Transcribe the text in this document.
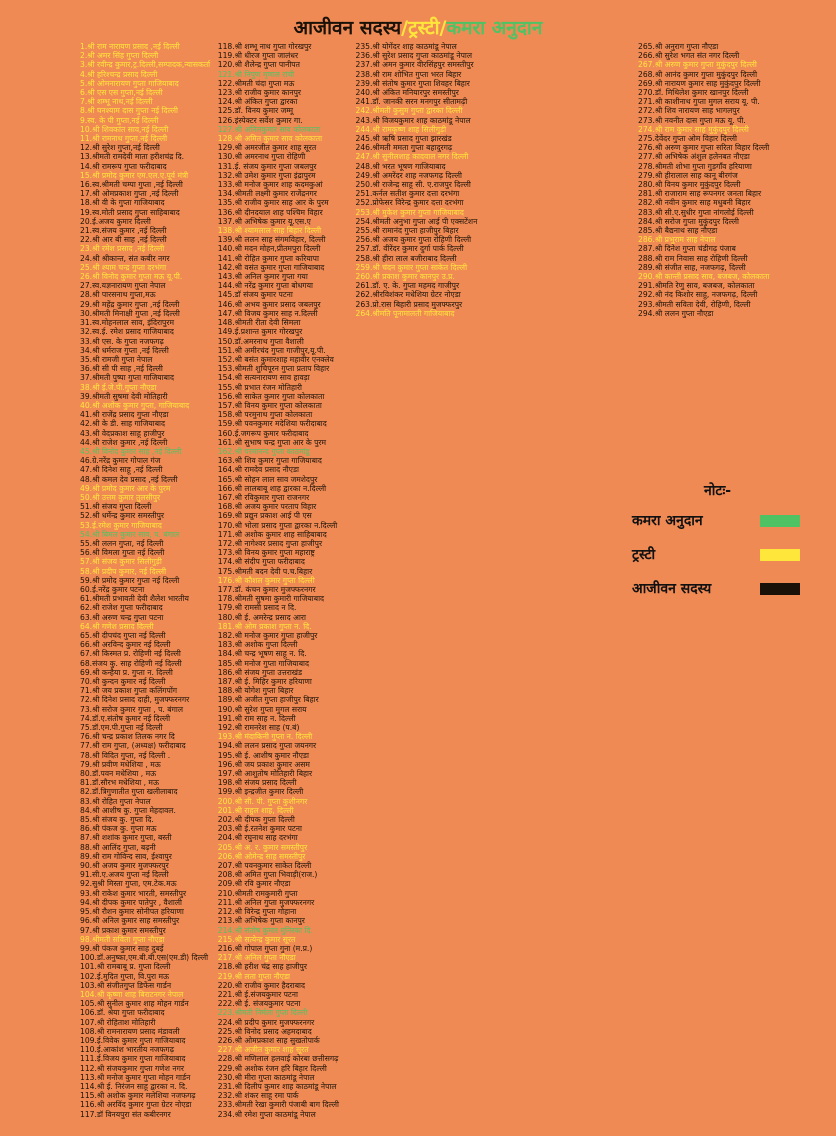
आजीवन सदस्य/ट्रस्टी/कमरा अनुदान
1.श्री राम नारायण प्रसाद ,नई दिल्ली
2.श्री अमर सिंह गुप्ता दिल्ली
3.श्री रवीन्द्र कुमार,ट्र.दिल्ली,सम्पादक,न्यासकर्ता
4.श्री हरिश्चन्द्र प्रसाद दिल्ली
5.श्री ओमनारायण गुप्ता गाजियाबाद
6.श्री एस एस गुप्ता,नई दिल्ली
7.श्री शम्भू नाथ,नई दिल्ली
8.श्री घनश्याम दास गुप्ता नई दिल्ली
9.स्व. के पी गुप्ता,नई दिल्ली
10.श्री शिवकांत साव,नई दिल्ली
11.श्री रामनाथ गुप्ता,नई दिल्ली
12.श्री सुरेश गुप्ता,नई दिल्ली
13.श्रीमती रामदेवी माता हरीशचंद्र दि.
14.श्री रामरूप गुप्ता फरीदाबाद
15.श्री प्रमोद कुमार एम.एल.ए.पूर्व मंत्री
16.स्व.श्रीमती चम्पा गुप्ता ,नई दिल्ली
17.श्री ओमप्रकाश गुप्ता ,नई दिल्ली
18.श्री वी के गुप्ता गाजियाबाद
19.स्व.मोती प्रसाद गुप्ता साहिबाबाद
20.ई.अजय कुमार दिल्ली
21.स्व.संजय कुमार ,नई दिल्ली
22.श्री आर बी साह ,नई दिल्ली
23.श्री रमेश प्रसाद ,नई दिल्ली
24.श्री श्रीकान्त, संत कबीर नगर
25.श्री श्याम चन्द्र गुप्ता दरभंगा
26.श्री विनोद कुमार गुप्ता मऊ यू.पी.
27.स्व.यज्ञनारायण गुप्ता नेपाल
28.श्री पारसनाथ गुप्ता,मऊ
29.श्री महेंद्र कुमार गुप्ता ,नई दिल्ली
30.श्रीमती मिनाक्षी गुप्ता ,नई दिल्ली
31.स्व.मोहनलाल साव, इंदिरापुरम
32.स्व.ई. रमेश प्रसाद गाजियाबाद
33.श्री एस. के गुप्ता नजफगढ़
34.श्री धर्मराज गुप्ता ,नई दिल्ली
35.श्री रामजी गुप्ता नेपाल
36.श्री सी पी साह ,नई दिल्ली
37.श्रीमती पुष्पा गुप्ता गाजियाबाद
38.श्री ई.जे.पी.गुप्ता नौएडा
39.श्रीमती सुषमा देवी मोतिहारी
40.श्री अशोक कुमार गुप्ता, गाजियाबाद
41.श्री राजेंद्र प्रसाद गुप्ता नौएडा
42.श्री के डी. साह गाजियाबाद
43.श्री वेदप्रकाश साहू हाजीपुर
44.श्री राजेश कुमार ,नई दिल्ली
45.श्री विनोद कुमार साह ,नई दिल्ली
46.ग्रे.नरेंद्र कुमार गोपाल गंज
47.श्री दिनेश साहू ,नई दिल्ली
48.श्री कमल देव प्रसाद ,नई दिल्ली
49.श्री प्रमोद कुमार आर के पुरम
50.श्री उत्तम कुमार तुलसीपुर
51.श्री संजय गुप्ता दिल्ली
52.श्री धर्मेन्द्र कुमार समस्तीपुर
53.ई.रमेश कुमार गाजियाबाद
54.श्री बिमल कुमार साव, प. बंगाल
55.श्री ललन गुप्ता, नई दिल्ली
56.श्री विमला गुप्ता नई दिल्ली
57.श्री संजय कुमार सिलीगुड़ी
58.श्री प्रदीप कुमार, नई दिल्ली
59.श्री प्रमोद कुमार गुप्ता नई दिल्ली
60.ई.नरेंद्र कुमार पटना
61.श्रीमती प्रभावती देवी शैलेश भारतीय
62.श्री राजेश गुप्ता फरीदाबाद
63.श्री अरुण चन्द्र गुप्ता पटना
64.श्री गणेश प्रसाद दिल्ली
65.श्री दीपचंद गुप्ता नई दिल्ली
66.श्री अरविन्द कुमार नई दिल्ली
67.श्री किस्मत प्र. रोहिणी नई दिल्ली
68.संजय कु. साह रोहिणी नई दिल्ली
69.श्री कन्हैया प्र. गुप्ता न. दिल्ली
70.श्री कुन्दन कुमार नई दिल्ली
71.श्री जय प्रकाश गुप्ता कलिंगपोंग
72.श्री दिनेश प्रसाद दाही, मुजफ्फरनगर
73.श्री सरोज कुमार गुप्ता , प. बंगाल
74.डॉ.ए.संतोष कुमार नई दिल्ली
75.डॉ.एम.पी.गुप्ता नई दिल्ली
76.श्री चन्द्र प्रकाश तिलक नगर दि
77.श्री राम गुप्ता, (अध्यक्ष) फरीदाबाद
78.श्री विदित गुप्ता, नई दिल्ली .
79.श्री प्रवीण मधेशिया , मऊ
80.डॉ.पवन मधेशिया , मऊ
81.डॉ.सौरभ मधेशिया , मऊ
82.डॉ.त्रिगुणातीत गुप्ता खलीलाबाद
83.श्री रोहित गुप्ता नेपाल
84.श्री आशीष कु. गुप्ता मेहदावल.
85.श्री संजय कु. गुप्ता दि.
86.श्री पंकज कु. गुप्ता मऊ
87.श्री शशांक कुमार गुप्ता, बस्ती
88.श्री आलिंद गुप्ता, बढ़नी
89.श्री राम गोविन्द साव, ईश्वापुर
90.श्री अजय कुमार मुजफ्फरपुर
91.सी.ए.अजय गुप्ता नई दिल्ली
92.सुश्री मिस्ता गुप्ता, एम.टेक.मऊ
93.श्री राकेश कुमार भारती, समस्तीपुर
94.श्री दीपक कुमार पातेपुर , वैशाली
95.श्री रौशन कुमार सोनीपत हरियाणा
96.श्री अनिल कुमार साह समस्तीपुर
97.श्री प्रकाश कुमार समस्तीपुर
98.श्रीमती सविता गुप्ता नौएडा
99.श्री पंकज कुमार साह दुबई
100.डॉ.अनुष्का,एम.बी.बी.एस(एम.डी) दिल्ली
101.श्री रामबाबू प्र. गुप्ता दिल्ली
102.ई.मुदित गुप्ता, वि.पुरा मऊ
103.श्री संजीतगुप्त डिफेंस गार्डन
104.श्री कृष्णा शाह बिराटनगर नेपाल
105.श्री सुनील कुमार शाह मोहन गार्डन
106.डॉ. श्रेया गुप्ता फरीदाबाद
107.श्री रोहिताश मोतिहारी
108.श्री रामनारायण प्रसाद मंडावली
109.ई.विवेक कुमार गुप्ता गाजियाबाद
110.ई.आकांश भारतीय नजफगढ़
111.ई.विजय कुमार गुप्ता गाजियाबाद
112.श्री संजयकुमार गुप्ता गणेश नगर
113.श्री मनोज कुमार गुप्ता मोहन गार्डन
114.श्री ई. निरंजन साहू द्वारका न. दि.
115.श्री अशोक कुमार मलेशिया नजफगढ़
116.श्री अरविंद कुमार गुप्ता ग्रेटर नोएडा
117.डॉ विनयपुरा संत कबीरनगर
118.श्री शम्भू नाथ गुप्ता गोरखपुर
119.श्री धीरज गुप्ता जालंधर
120.श्री शैलेन्द्र गुप्ता पानीपत
121.श्री निपुण मृणाल रांची
122.श्रीमती चंदा गुप्ता मऊ
123.श्री राजीव कुमार कानपुर
124.श्री अंकित गुप्ता द्वारका
125.डॉ. विनय कुमार जम्मू
126.इंस्पेक्टर सर्वेश कुमार गा.
127.श्री अनिलकुमार साव कोलकाता
128.श्री अमित कुमार साव कोलकाता
129.श्री अमरजीत कुमार शाह सूरत
130.श्री अमरनाथ गुप्ता रोहिणी
131.ई. संजय कुमार गुप्ता जबलपुर
132.श्री उमेश कुमार गुप्ता इंद्रापुरम
133.श्री मनोज कुमार शाह कदमकुआं
134.श्रीमती लक्ष्मी कुमार राजेंद्रनगर
135.श्री राजीव कुमार साह आर के पुरम
136.श्री दीनदयाल शाह पश्चिम विहार
137.श्री अभिषेक कुमार यू.एस.ए
138.श्री श्यामलाल साह बिहार दिल्ली
139.श्री ललन साह संगमविहार, दिल्ली
140.श्री मदन मोहन,प्रीतमपुरा दिल्ली
141.श्री रोहित कुमार गुप्ता करियापा
142.श्री वसंत कुमार गुप्ता गाजियाबाद
143.श्री अनिल कुमार गुप्ता गया
144.श्री नरेंद्र कुमार गुप्ता बोधगया
145.डॉ संजय कुमार पटना
146.श्री अभय कुमार प्रसाद जबलपुर
147.श्री विजय कुमार साह न.दिल्ली
148.श्रीमती रीता देवी सिमला
149.ई.प्रशान्त कुमार गोरखपुर
150.डॉ.अमरनाथ गुप्ता वैशाली
151.श्री अमीरचंद गुप्ता गाजीपुर,यू.पी.
152.श्री बसंत कुमारशाह महावीर एनक्लेव
153.श्रीमती शुचिपूरन गुप्ता प्रताप विहार
154.श्री सत्यनारायण साव हावड़ा
155.श्री प्रभात रंजन मोतिहारी
156.श्री साकेत कुमार गुप्ता कोलकाता
157.श्री विनय कुमार गुप्ता कोलकाता
158.श्री परमुनाथ गुप्ता कोलकाता
159.श्री पवनकुमार मदेशिया फरीदाबाद
160.ई.जगरूप कुमार फरीदाबाद
161.श्री सुभाष चन्द्र गुप्ता आर के पुरम
162.श्री परमानन्द गुप्ता काठमांडू
163.श्री शिव कुमार गुप्ता गाजियाबाद
164.श्री रामदेव प्रसाद नौएडा
165.श्री सोहन लाल साव जमशेदपुर
166.श्री लालबाबू शाह द्वारका न.दिल्ली
167.श्री रविकुमार गुप्ता राजनगर
168.श्री अजय कुमार परताप विहार
169.श्री प्रद्युन प्रकाश आई पी एस
170.श्री भोला प्रसाद गुप्ता द्वारका न.दिल्ली
171.श्री अशोक कुमार शाह साहिबाबाद
172.श्री नागेश्वर प्रसाद गुप्ता हाजीपुर
173.श्री विनय कुमार गुप्ता महाराष्ट्र
174.श्री संदीप गुप्ता फरीदाबाद
175.श्रीमती बदन देवी प.च.बिहार
176.श्री कौशल कुमार गुप्ता दिल्ली
177.डॉ. कंचन कुमार मुजफ्फरनगर
178.श्रीमती सुषमा कुमारी गाजियाबाद
179.श्री रामसी प्रसाद न दि.
180.श्री ई. अमरेन्द्र प्रसाद आरा
181.श्री ओम प्रकाश गुप्ता न. दि.
182.श्री मनोज कुमार गुप्ता हाजीपुर
183.श्री अशोक गुप्ता दिल्ली
184.श्री चन्द्र भूषण साहू न. दि.
185.श्री मनोज गुप्ता गाजियाबाद
186.श्री संजय गुप्ता उत्तराखंड
187.श्री ई. मिहिर कुमार हरियाणा
188.श्री योगेश गुप्ता बिहार
189.श्री अजीत गुप्ता हाजीपुर बिहार
190.श्री सुरेश गुप्ता मुगल सराय
191.श्री राम साह न. दिल्ली
192.श्री रामनरेश साह (प.बं)
193.श्री मंदाकिनी गुप्ता न. दिल्ली
194.श्री ललन प्रसाद गुप्ता जयनगर
195.श्री ई. आशीष कुमार नौएडा
196.श्री जय प्रकाश कुमार असम
197.श्री आशुतोष मोतिहारी बिहार
198.श्री संजय प्रसाद दिल्ली
199.श्री इन्द्रजीत कुमार दिल्ली
200.श्री सी. पी. गुप्ता कुशीनगर
201.श्री राहुल शाह, दिल्ली
202.श्री दीपक गुप्ता दिल्ली
203.श्री ई.रतनेश कुमार पटना
204.श्री रघुनाथ साह दरभंगा
205.श्री अ. र. कुमार समस्तीपुर
206.श्री ओमेन्द्र साह समस्तीपुर
207.श्री पवनकुमार साकेत दिल्ली
208.श्री अमित गुप्ता भिवाड़ी(राज.)
209.श्री रवि कुमार नौएडा
210.श्रीमती रामकुमारी गुप्ता
211.श्री अनिल गुप्ता मुजफ्फरनगर
212.श्री विरेन्द्र गुप्ता गोहाना
213.श्री अभिषेक गुप्ता कानपुर
214.श्री संतोष कुमार मुनिरका दि.
215.श्री सत्येन्द्र कुमार सूरत
216.श्री गोपाल गुप्ता गुना (म.प्र.)
217.श्री अनिल गुप्ता नौएडा
218.श्री हरीश चंद्र साह हाजीपुर
219.श्री लता गुप्ता नौएडा
220.श्री राजीव कुमार हैदराबाद
221.श्री ई.संजयकुमार पटना
222.श्री ई. संजयकुमार पटना
223.श्रीमती निर्मला गुप्ता दिल्ली
224.श्री प्रदीप कुमार मुजफ्फरनगर
225.श्री विनोद प्रसाद अहमदाबाद
226.श्री ओमप्रकाश साह सुखतोपार्क
227.श्री अजीत कुमार शाह सूरत
228.श्री मणिलाल हलवाई कोरबा छत्तीसगढ़
229.श्री अशोक रंजन हरि बिहार दिल्ली
230.श्री मीरा गुप्ता काठमांडू नेपाल
231.श्री दिलीप कुमार शाह काठमांडू नेपाल
232.श्री शंकर साहू रमा पार्क
233.श्रीमती रेखा कुमारी पंजाबी बाग दिल्ली
234.श्री रमेश गुप्ता काठमांडू नेपाल
235.श्री योगेंदर शाह काठमांडू नेपाल
236.श्री सुरेश प्रसाद गुप्ता काठमांडू नेपाल
237.श्री अमन कुमार वीरसिंहपुर समस्तीपुर
238.श्री राम शोभित गुप्ता भरत बिहार
239.श्री संतोष कुमार गुप्ता शिवहर बिहार
240.श्री अंकित मनियारपुर समस्तीपुर
241.डॉ. जानकी सरन मनगपुर सीतामढ़ी
242.श्रीमती कुसुम गुप्ता द्वारका दिल्ली
243.श्री विजयकुमार शाह काठमांडू नेपाल
244.श्री रामकृष्ण शाह सिलीगुड़ी
245.श्री ऋषि प्रसाद गुप्ता झारखंड
246.श्रीमती ममता गुप्ता बहादुरगढ़
247.श्री सुनीलशाह कादवाल नगर दिल्ली
248.श्री भरत भूषण गाजियाबाद
249.श्री अमरेंदर शाह नजफगढ़ दिल्ली
250.श्री राजेन्द्र साहू सी. ए.राजपुर दिल्ली
251.कर्नल सतीश कुमार दत्ता दरभंगा
252.प्रोफेसर विरेन्द्र कुमार दत्ता दरभंगा
253.श्री मुकेश कुमार गुप्ता गाजियाबाद
254.श्रीमती अनुभा गुप्ता आई पी एक्सटेंशन
255.श्री रामानंद गुप्ता हाजीपुर बिहार
256.श्री अजय कुमार गुप्ता रोहिणी दिल्ली
257.डॉ. वीरेंदर कुमार दुर्गा पार्क दिल्ली
258.श्री हीरा लाल बजीराबाद दिल्ली
259.श्री चंदन कुमार गुप्ता साकेत दिल्ली
260.श्री प्रकाश कुमार कानपुर उ.प्र.
261.डॉ. ए. के. गुप्ता महमद गाजीपुर
262.श्रीरविशंकर मधेशिया ग्रेटर नोएडा
263.प्रो.रास बिहारी प्रसाद मुजफ्फरपुर
264.श्रीमति पूनामालती गाजियाबाद
265.श्री अनुराग गुप्ता नौएडा
266.श्री सुरेश भगत संत नगर दिल्ली
267.श्री अरुण कुमार गुप्ता मुकुंदपुर दिल्ली
268.श्री आनंद कुमार गुप्ता मुकुंदपुर दिल्ली
269.श्री नारायण कुमार साह मुकुंदपुर दिल्ली
270.डॉ. मिथिलेश कुमार खानपुर दिल्ली
271.श्री काशीनाथ गुप्ता मुगल सराय यू. पी.
272.श्री शिव नारायण साह भागलपुर
273.श्री नवनीत दास गुप्ता मऊ यू. पी.
274.श्री राम कुमार साह मुकुंदपुर दिल्ली
275.देवेंदर गुप्ता ओम विहार दिल्ली
276.श्री अरुण कुमार गुप्ता सरिता विहार दिल्ली
277.श्री अभिषेक अंशुल हलेनबत नौएडा
278.श्रीमती शोभा गुप्ता गुड़गाँव हरियाणा
279.श्री हीरालाल साह कानू बीरगंज
280.श्री विनय कुमार मुकुंदपुर दिल्ली
281.श्री राजाराम साह रूपनगर जनता बिहार
282.श्री नवीन कुमार साह मधुबनी बिहार
283.श्री सी.ए.सुधीर गुप्ता नांगलोई दिल्ली
284.श्री सरोज गुप्ता मुकुंदपुर दिल्ली
285.श्री बैद्यनाथ साह नौएडा
286.श्री प्रभुराम साह नेपाल
287.श्री दिनेश गुप्ता चंडीगढ़ पंजाब
288.श्री राम निवास साह रोहिणी दिल्ली
289.श्री संजीत साह, नजफगढ़, दिल्ली
290.श्री कान्ती प्रसाद साव, बजबज, कोलकाता
291.श्रीमति रेणु साव, बजबज, कोलकाता
292.श्री नंद किशोर साहु, नजफगढ़, दिल्ली
293.श्रीमती सविता देवी, रोहिणी, दिल्ली
294.श्री ललन गुप्ता नौएडा
नोटः-
कमरा अनुदान
ट्रस्टी
आजीवन सदस्य
